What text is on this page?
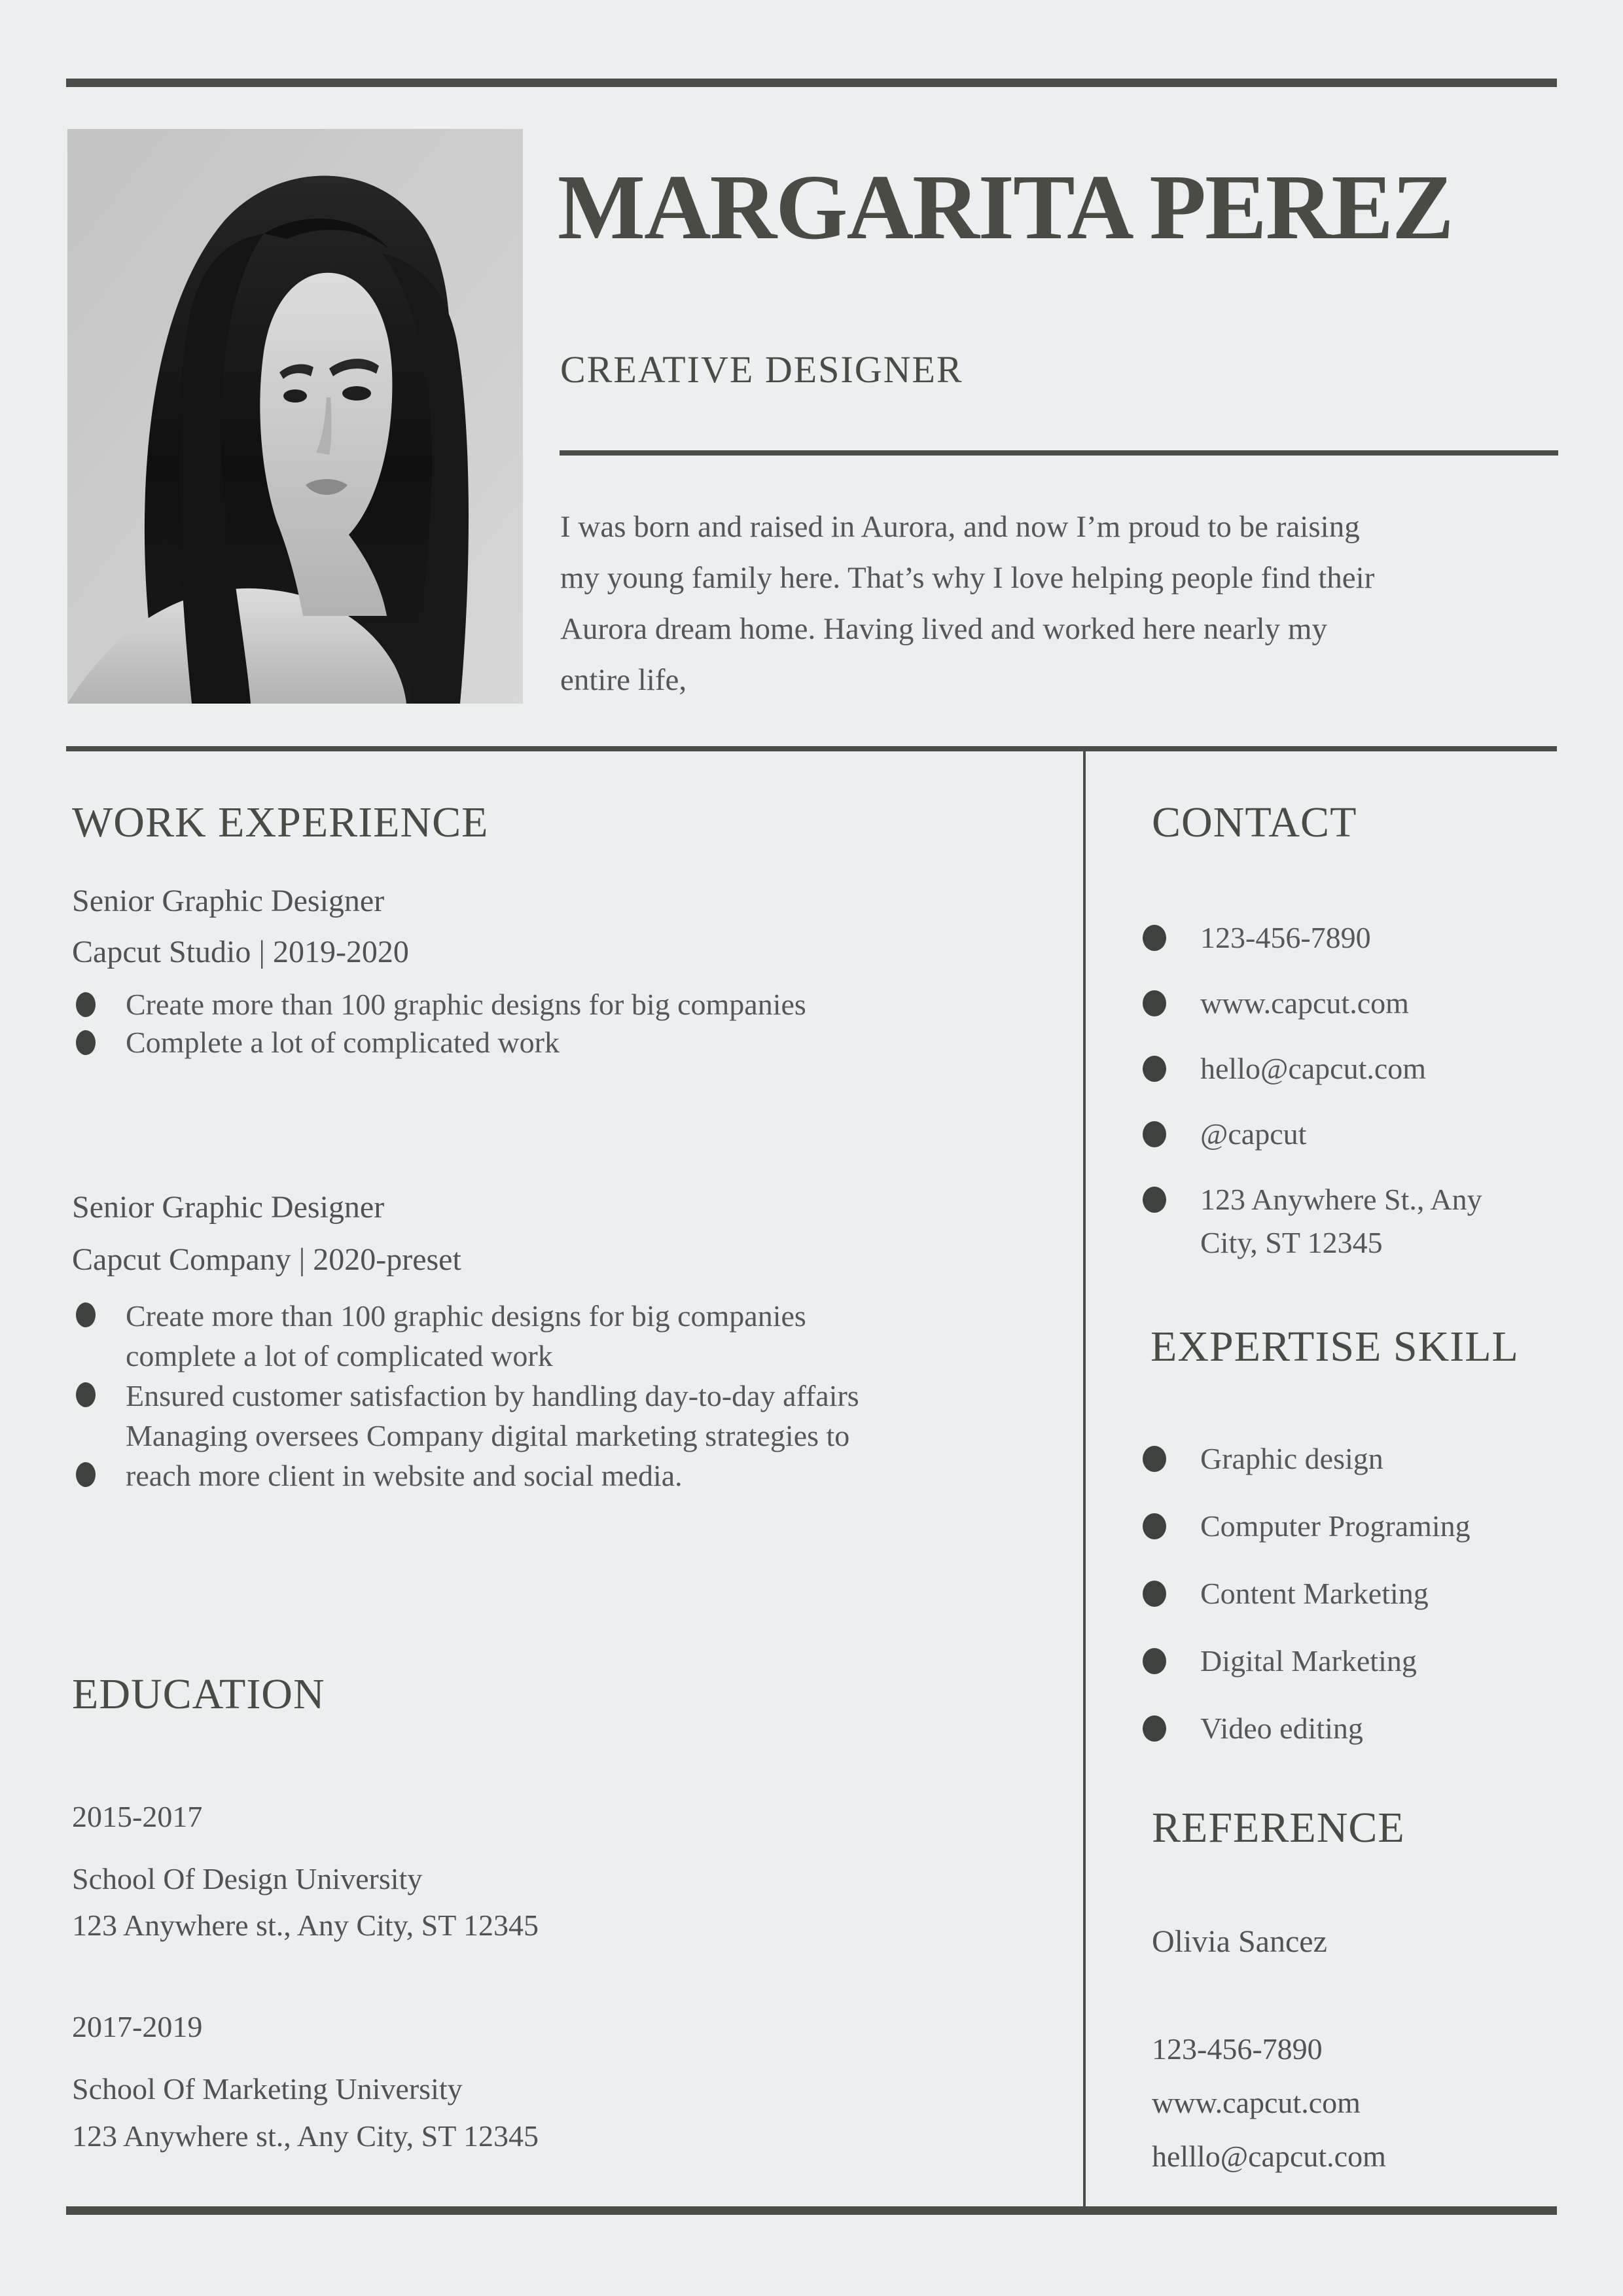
MARGARITA PEREZ
CREATIVE DESIGNER
I was born and raised in Aurora, and now I’m proud to be raising
my young family here. That’s why I love helping people find their
Aurora dream home. Having lived and worked here nearly my
entire life,
WORK EXPERIENCE
Senior Graphic Designer
Capcut Studio | 2019-2020
Create more than 100 graphic designs for big companies
Complete a lot of complicated work
Senior Graphic Designer
Capcut Company | 2020-preset
Create more than 100 graphic designs for big companies
complete a lot of complicated work
Ensured customer satisfaction by handling day-to-day affairs
Managing oversees Company digital marketing strategies to
reach more client in website and social media.
EDUCATION
2015-2017
School Of Design University
123 Anywhere st., Any City, ST 12345
2017-2019
School Of Marketing University
123 Anywhere st., Any City, ST 12345
CONTACT
123-456-7890
www.capcut.com
hello@capcut.com
@capcut
123 Anywhere St., Any
City, ST 12345
EXPERTISE SKILL
Graphic design
Computer Programing
Content Marketing
Digital Marketing
Video editing
REFERENCE
Olivia Sancez
123-456-7890
www.capcut.com
helllo@capcut.com
